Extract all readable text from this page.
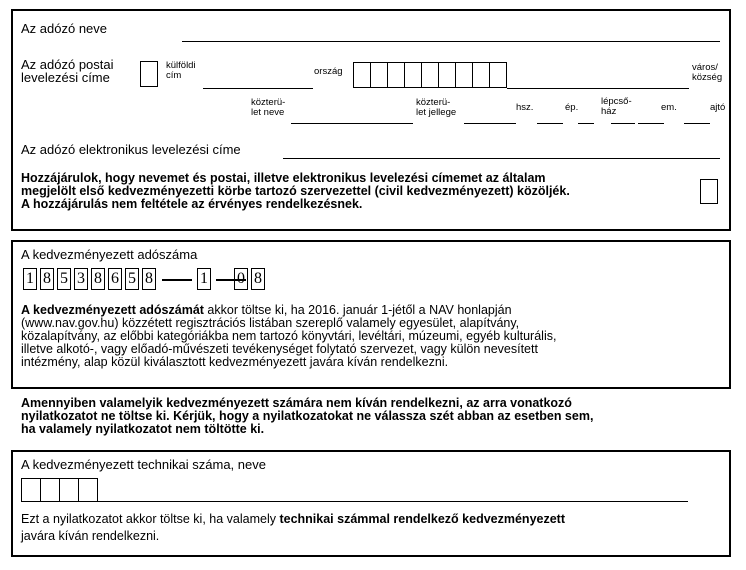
Az adózó neve
Az adózó postai
levelezési címe
külföldi
cím	ország	város/
község
közterü-
let neve
közterü-
let jellege	hsz.	ép.
lépcső-
ház	em.	ajtó
Az adózó elektronikus levelezési címe
Hozzájárulok, hogy nevemet és postai, illetve elektronikus levelezési címemet az általam
megjelölt első kedvezményezetti körbe tartozó szervezettel (civil kedvezményezett) közöljék.
A hozzájárulás nem feltétele az érvényes rendelkezésnek.
A kedvezményezett adószáma
1 8 5 3 8 6 5 8	1 0 8
A kedvezményezett adószámát akkor töltse ki, ha 2016. január 1-jétől a NAV honlapján
(www.nav.gov.hu) közzétett regisztrációs listában szereplő valamely egyesület, alapítvány,
közalapítvány, az előbbi kategóriákba nem tartozó könyvtári, levéltári, múzeumi, egyéb kulturális,
illetve alkotó-, vagy előadó-művészeti tevékenységet folytató szervezet, vagy külön nevesített
intézmény, alap közül kiválasztott kedvezményezett javára kíván rendelkezni.
Amennyiben valamelyik kedvezményezett számára nem kíván rendelkezni, az arra vonatkozó
nyilatkozatot ne töltse ki. Kérjük, hogy a nyilatkozatokat ne válassza szét abban az esetben sem,
ha valamely nyilatkozatot nem töltötte ki.
A kedvezményezett technikai száma, neve
Ezt a nyilatkozatot akkor töltse ki, ha valamely technikai számmal rendelkező kedvezményezett
javára kíván rendelkezni.
